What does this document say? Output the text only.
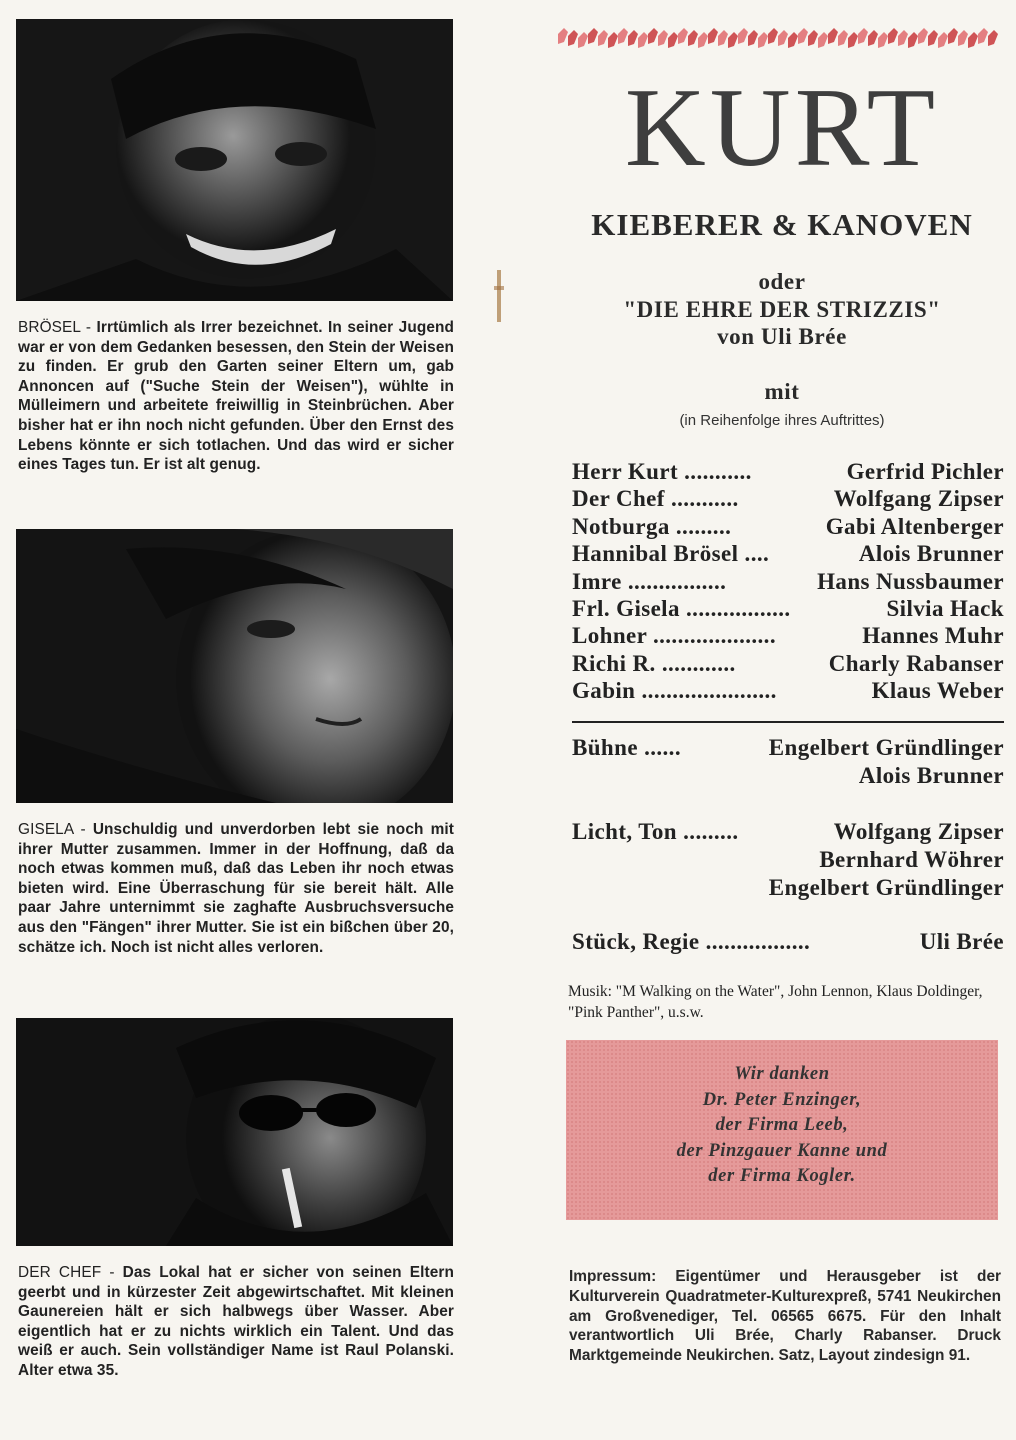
BRÖSEL - Irrtümlich als Irrer bezeichnet. In seiner Jugend war er von dem Gedanken besessen, den Stein der Weisen zu finden. Er grub den Garten seiner Eltern um, gab Annoncen auf ("Suche Stein der Weisen"), wühlte in Mülleimern und arbeitete freiwillig in Steinbrüchen. Aber bisher hat er ihn noch nicht gefunden. Über den Ernst des Lebens könnte er sich totlachen. Und das wird er sicher eines Tages tun. Er ist alt genug.
GISELA - Unschuldig und unverdorben lebt sie noch mit ihrer Mutter zusammen. Immer in der Hoffnung, daß da noch etwas kommen muß, daß das Leben ihr noch etwas bieten wird. Eine Überraschung für sie bereit hält. Alle paar Jahre unternimmt sie zaghafte Ausbruchsversuche aus den "Fängen" ihrer Mutter. Sie ist ein bißchen über 20, schätze ich. Noch ist nicht alles verloren.
DER CHEF - Das Lokal hat er sicher von seinen Eltern geerbt und in kürzester Zeit abgewirtschaftet. Mit kleinen Gaunereien hält er sich halbwegs über Wasser. Aber eigentlich hat er zu nichts wirklich ein Talent. Und das weiß er auch. Sein vollständiger Name ist Raul Polanski. Alter etwa 35.
KURT
KIEBERER & KANOVEN
oder
"DIE EHRE DER STRIZZIS"
von Uli Brée
mit
(in Reihenfolge ihres Auftrittes)
Herr Kurt ...........	Gerfrid Pichler
Der Chef ...........	Wolfgang Zipser
Notburga .........	Gabi Altenberger
Hannibal Brösel ....	Alois Brunner
Imre ................	Hans Nussbaumer
Frl. Gisela .................	Silvia Hack
Lohner ....................	Hannes Muhr
Richi R. ............	Charly Rabanser
Gabin ......................	Klaus Weber
Bühne ......	Engelbert Gründlinger
Alois Brunner
Licht, Ton .........	Wolfgang Zipser
Bernhard Wöhrer
Engelbert Gründlinger
Stück, Regie .................	Uli Brée
Musik: "M Walking on the Water", John Lennon, Klaus Doldinger, "Pink Panther", u.s.w.
Wir danken
Dr. Peter Enzinger,
der Firma Leeb,
der Pinzgauer Kanne und
der Firma Kogler.
Impressum: Eigentümer und Herausgeber ist der Kulturverein Quadratmeter-Kulturexpreß, 5741 Neukirchen am Großvenediger, Tel. 06565 6675. Für den Inhalt verantwortlich Uli Brée, Charly Rabanser. Druck Marktgemeinde Neukirchen. Satz, Layout zindesign 91.
